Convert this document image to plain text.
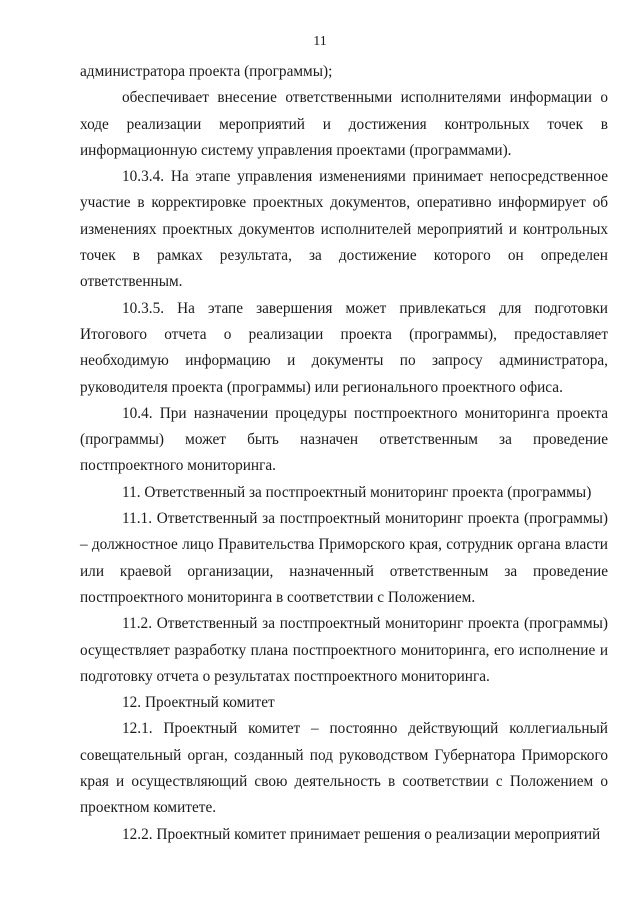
11

администратора проекта (программы);

обеспечивает внесение ответственными исполнителями информации о ходе реализации мероприятий и достижения контрольных точек в информационную систему управления проектами (программами).

10.3.4. На этапе управления изменениями принимает непосредственное участие в корректировке проектных документов, оперативно информирует об изменениях проектных документов исполнителей мероприятий и контрольных точек в рамках результата, за достижение которого он определен ответственным.

10.3.5. На этапе завершения может привлекаться для подготовки Итогового отчета о реализации проекта (программы), предоставляет необходимую информацию и документы по запросу администратора, руководителя проекта (программы) или регионального проектного офиса.

10.4. При назначении процедуры постпроектного мониторинга проекта (программы) может быть назначен ответственным за проведение постпроектного мониторинга.

11. Ответственный за постпроектный мониторинг проекта (программы)

11.1. Ответственный за постпроектный мониторинг проекта (программы) – должностное лицо Правительства Приморского края, сотрудник органа власти или краевой организации, назначенный ответственным за проведение постпроектного мониторинга в соответствии с Положением.

11.2. Ответственный за постпроектный мониторинг проекта (программы) осуществляет разработку плана постпроектного мониторинга, его исполнение и подготовку отчета о результатах постпроектного мониторинга.

12. Проектный комитет

12.1. Проектный комитет – постоянно действующий коллегиальный совещательный орган, созданный под руководством Губернатора Приморского края и осуществляющий свою деятельность в соответствии с Положением о проектном комитете.

12.2. Проектный комитет принимает решения о реализации мероприятий
